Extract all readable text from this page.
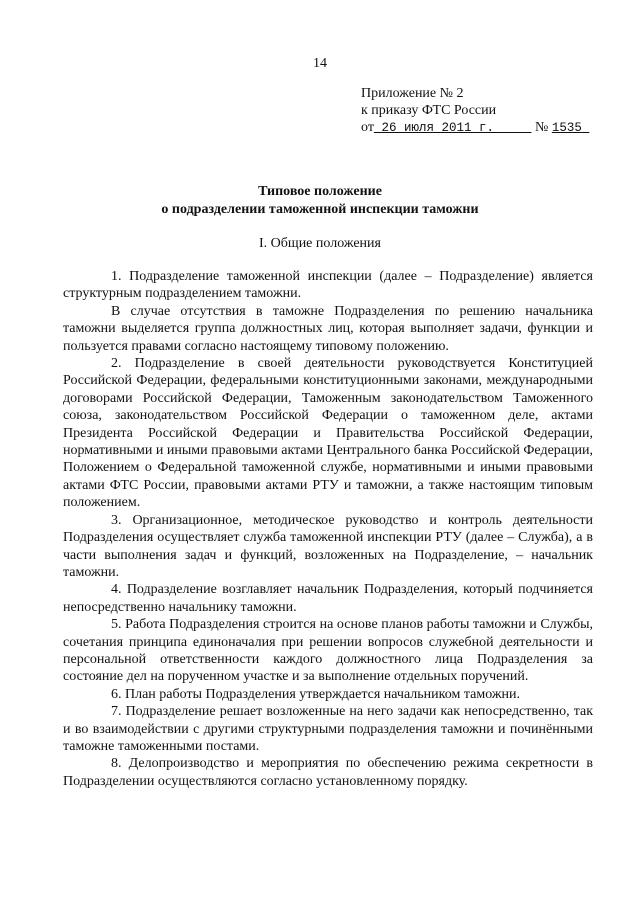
14
Приложение № 2
к приказу ФТС России
от 26 июля 2011 г.	№ 1535
Типовое положение
о подразделении таможенной инспекции таможни
I. Общие положения

1. Подразделение таможенной инспекции (далее – Подразделение) является структурным подразделением таможни.

В случае отсутствия в таможне Подразделения по решению начальника таможни выделяется группа должностных лиц, которая выполняет задачи, функции и пользуется правами согласно настоящему типовому положению.

2. Подразделение в своей деятельности руководствуется Конституцией Российской Федерации, федеральными конституционными законами, международными договорами Российской Федерации, Таможенным законодательством Таможенного союза, законодательством Российской Федерации о таможенном деле, актами Президента Российской Федерации и Правительства Российской Федерации, нормативными и иными правовыми актами Центрального банка Российской Федерации, Положением о Федеральной таможенной службе, нормативными и иными правовыми актами ФТС России, правовыми актами РТУ и таможни, а также настоящим типовым положением.

3. Организационное, методическое руководство и контроль деятельности Подразделения осуществляет служба таможенной инспекции РТУ (далее – Служба), а в части выполнения задач и функций, возложенных на Подразделение, – начальник таможни.

4. Подразделение возглавляет начальник Подразделения, который подчиняется непосредственно начальнику таможни.

5. Работа Подразделения строится на основе планов работы таможни и Службы, сочетания принципа единоначалия при решении вопросов служебной деятельности и персональной ответственности каждого должностного лица Подразделения за состояние дел на порученном участке и за выполнение отдельных поручений.

6. План работы Подразделения утверждается начальником таможни.

7. Подразделение решает возложенные на него задачи как непосредственно, так и во взаимодействии с другими структурными подразделения таможни и починёнными таможне таможенными постами.

8. Делопроизводство и мероприятия по обеспечению режима секретности в Подразделении осуществляются согласно установленному порядку.
